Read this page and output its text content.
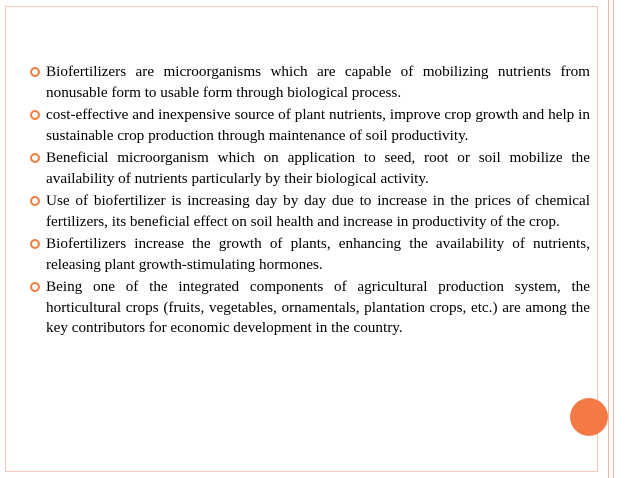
Biofertilizers are microorganisms which are capable of mobilizing nutrients from nonusable form to usable form through biological process.
cost-effective and inexpensive source of plant nutrients, improve crop growth and help in sustainable crop production through maintenance of soil productivity.
Beneficial microorganism which on application to seed, root or soil mobilize the availability of nutrients particularly by their biological activity.
Use of biofertilizer is increasing day by day due to increase in the prices of chemical fertilizers, its beneficial effect on soil health and increase in productivity of the crop.
Biofertilizers increase the growth of plants, enhancing the availability of nutrients, releasing plant growth-stimulating hormones.
Being one of the integrated components of agricultural production system, the horticultural crops (fruits, vegetables, ornamentals, plantation crops, etc.) are among the key contributors for economic development in the country.
